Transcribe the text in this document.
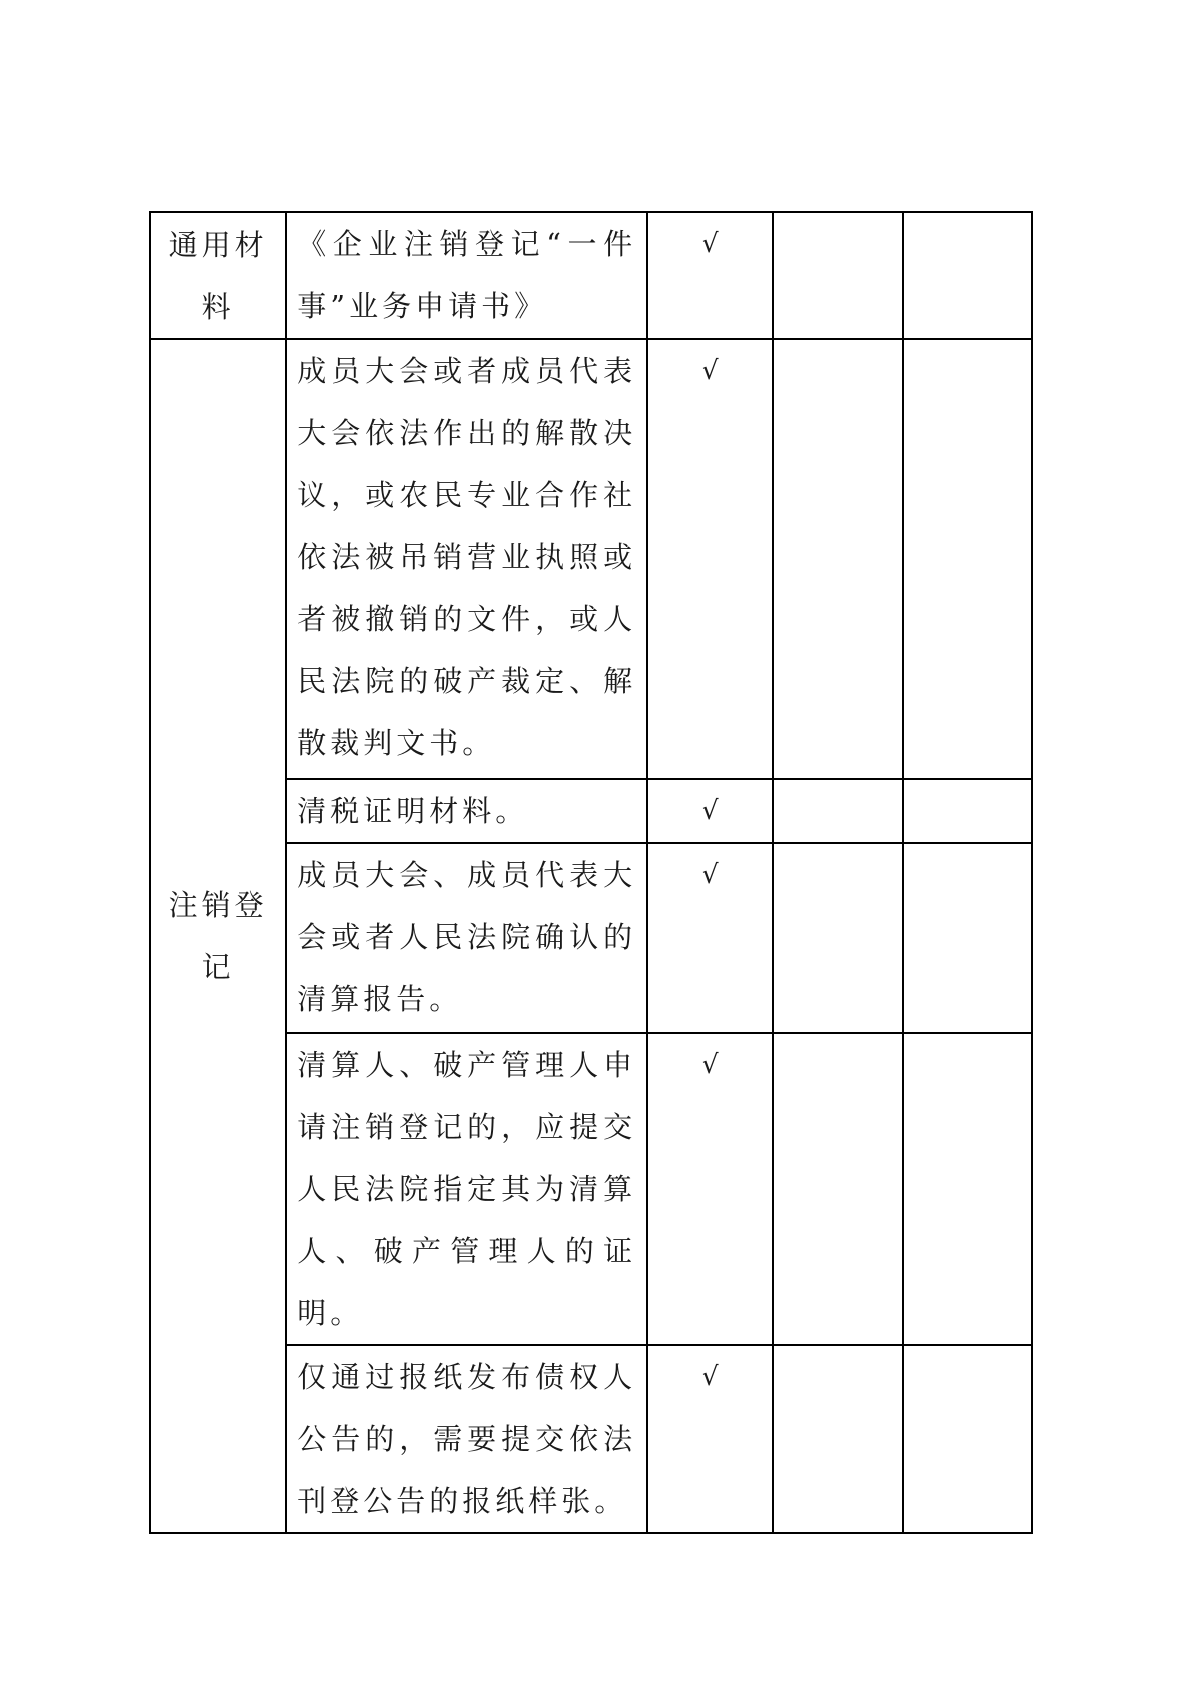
通用材料	《企业注销登记“一件事”业务申请书》	√		
注销登记	成员大会或者成员代表大会依法作出的解散决议，或农民专业合作社依法被吊销营业执照或者被撤销的文件，或人民法院的破产裁定、解散裁判文书。	√		
	清税证明材料。	√		
	成员大会、成员代表大会或者人民法院确认的清算报告。	√		
	清算人、破产管理人申请注销登记的，应提交人民法院指定其为清算人、破产管理人的证明。	√		
	仅通过报纸发布债权人公告的，需要提交依法刊登公告的报纸样张。	√		
